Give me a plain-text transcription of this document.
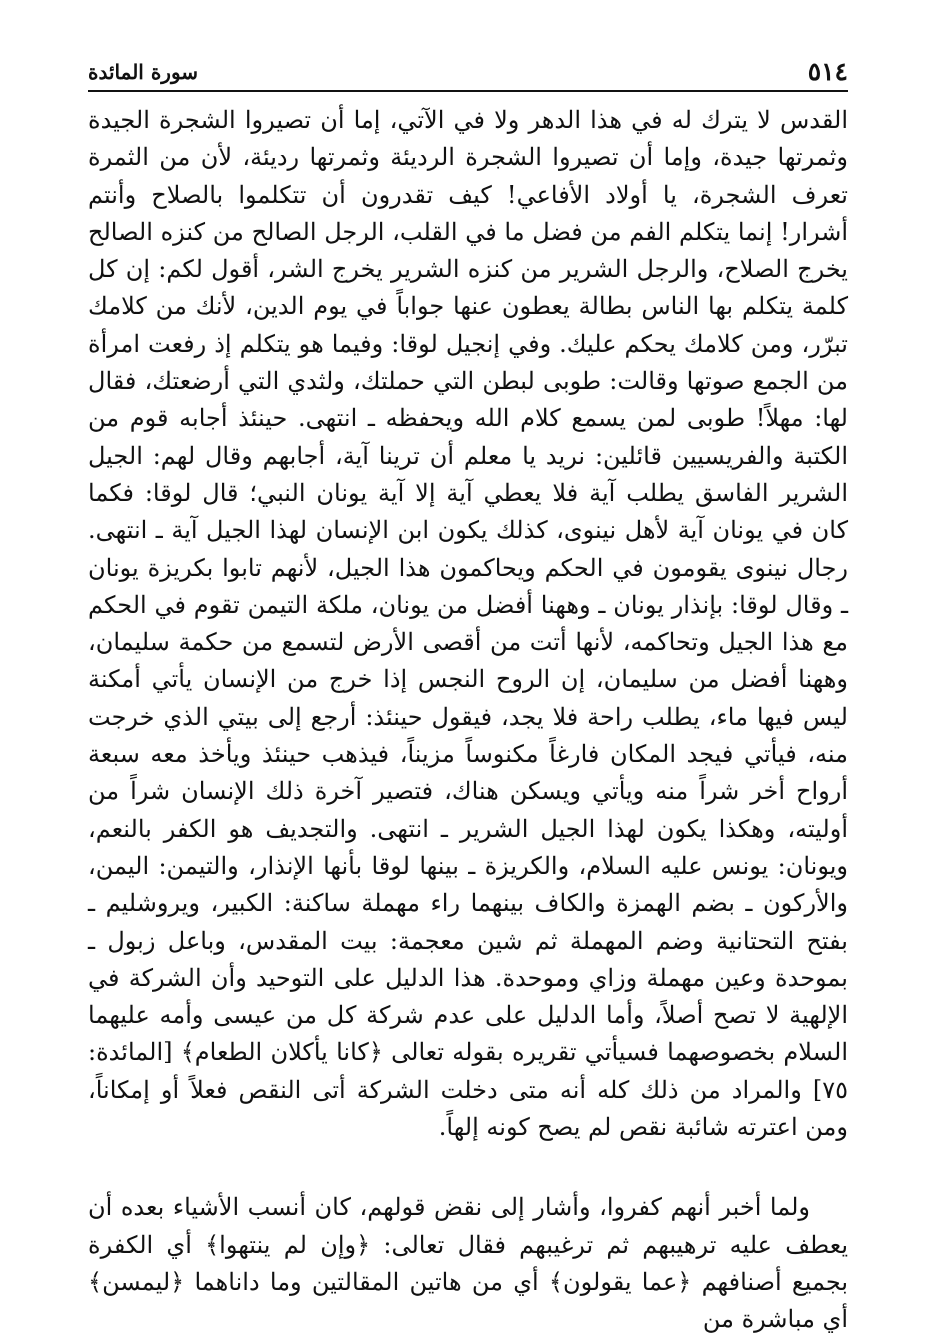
٥١٤
سورة المائدة

القدس لا يترك له في هذا الدهر ولا في الآتي، إما أن تصيروا الشجرة الجيدة وثمرتها جيدة، وإما أن تصيروا الشجرة الرديئة وثمرتها رديئة، لأن من الثمرة تعرف الشجرة، يا أولاد الأفاعي! كيف تقدرون أن تتكلموا بالصلاح وأنتم أشرار! إنما يتكلم الفم من فضل ما في القلب، الرجل الصالح من كنزه الصالح يخرج الصلاح، والرجل الشرير من كنزه الشرير يخرج الشر، أقول لكم: إن كل كلمة يتكلم بها الناس بطالة يعطون عنها جواباً في يوم الدين، لأنك من كلامك تبرّر، ومن كلامك يحكم عليك. وفي إنجيل لوقا: وفيما هو يتكلم إذ رفعت امرأة من الجمع صوتها وقالت: طوبى لبطن التي حملتك، ولثدي التي أرضعتك، فقال لها: مهلاً! طوبى لمن يسمع كلام الله ويحفظه ـ انتهى. حينئذ أجابه قوم من الكتبة والفريسيين قائلين: نريد يا معلم أن ترينا آية، أجابهم وقال لهم: الجيل الشرير الفاسق يطلب آية فلا يعطي آية إلا آية يونان النبي؛ قال لوقا: فكما كان في يونان آية لأهل نينوى، كذلك يكون ابن الإنسان لهذا الجيل آية ـ انتهى. رجال نينوى يقومون في الحكم ويحاكمون هذا الجيل، لأنهم تابوا بكريزة يونان ـ وقال لوقا: بإنذار يونان ـ وههنا أفضل من يونان، ملكة التيمن تقوم في الحكم مع هذا الجيل وتحاكمه، لأنها أتت من أقصى الأرض لتسمع من حكمة سليمان، وههنا أفضل من سليمان، إن الروح النجس إذا خرج من الإنسان يأتي أمكنة ليس فيها ماء، يطلب راحة فلا يجد، فيقول حينئذ: أرجع إلى بيتي الذي خرجت منه، فيأتي فيجد المكان فارغاً مكنوساً مزيناً، فيذهب حينئذ ويأخذ معه سبعة أرواح أخر شراً منه ويأتي ويسكن هناك، فتصير آخرة ذلك الإنسان شراً من أوليته، وهكذا يكون لهذا الجيل الشرير ـ انتهى. والتجديف هو الكفر بالنعم، ويونان: يونس عليه السلام، والكريزة ـ بينها لوقا بأنها الإنذار، والتيمن: اليمن، والأركون ـ بضم الهمزة والكاف بينهما راء مهملة ساكنة: الكبير، ويروشليم ـ بفتح التحتانية وضم المهملة ثم شين معجمة: بيت المقدس، وباعل زبول ـ بموحدة وعين مهملة وزاي وموحدة. هذا الدليل على التوحيد وأن الشركة في الإلهية لا تصح أصلاً، وأما الدليل على عدم شركة كل من عيسى وأمه عليهما السلام بخصوصهما فسيأتي تقريره بقوله تعالى ﴿كانا يأكلان الطعام﴾ [المائدة: ٧٥] والمراد من ذلك كله أنه متى دخلت الشركة أتى النقص فعلاً أو إمكاناً، ومن اعترته شائبة نقص لم يصح كونه إلهاً.

ولما أخبر أنهم كفروا، وأشار إلى نقض قولهم، كان أنسب الأشياء بعده أن يعطف عليه ترهيبهم ثم ترغيبهم فقال تعالى: ﴿وإن لم ينتهوا﴾ أي الكفرة بجميع أصنافهم ﴿عما يقولون﴾ أي من هاتين المقالتين وما داناهما ﴿ليمسن﴾ أي مباشرة من
